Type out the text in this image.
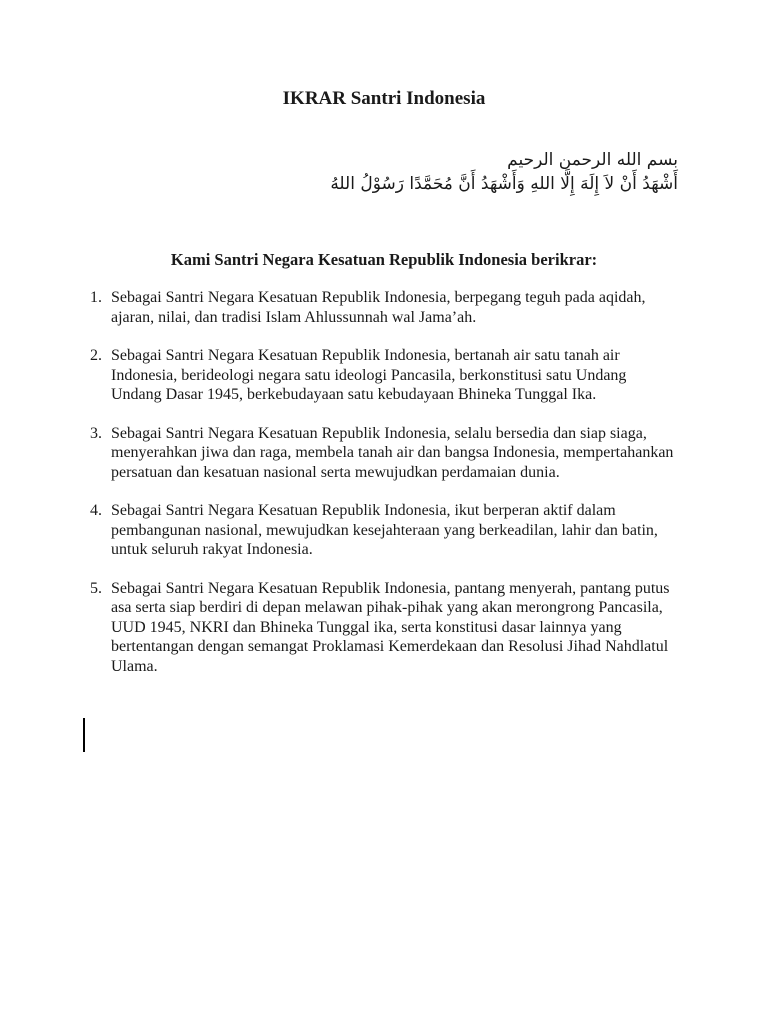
IKRAR Santri Indonesia
بسم الله الرحمن الرحيم
أَشْهَدُ أَنْ لاَ إِلَهَ إِلَّا اللهِ وَأَشْهَدُ أَنَّ مُحَمَّدًا رَسُوْلُ اللهُ
Kami Santri Negara Kesatuan Republik Indonesia berikrar:
1. Sebagai Santri Negara Kesatuan Republik Indonesia, berpegang teguh pada aqidah, ajaran, nilai, dan tradisi Islam Ahlussunnah wal Jama’ah.
2. Sebagai Santri Negara Kesatuan Republik Indonesia, bertanah air satu tanah air Indonesia, berideologi negara satu ideologi Pancasila, berkonstitusi satu Undang Undang Dasar 1945, berkebudayaan satu kebudayaan Bhineka Tunggal Ika.
3. Sebagai Santri Negara Kesatuan Republik Indonesia, selalu bersedia dan siap siaga, menyerahkan jiwa dan raga, membela tanah air dan bangsa Indonesia, mempertahankan persatuan dan kesatuan nasional serta mewujudkan perdamaian dunia.
4. Sebagai Santri Negara Kesatuan Republik Indonesia, ikut berperan aktif dalam pembangunan nasional, mewujudkan kesejahteraan yang berkeadilan, lahir dan batin, untuk seluruh rakyat Indonesia.
5. Sebagai Santri Negara Kesatuan Republik Indonesia, pantang menyerah, pantang putus asa serta siap berdiri di depan melawan pihak-pihak yang akan merongrong Pancasila, UUD 1945, NKRI dan Bhineka Tunggal ika, serta konstitusi dasar lainnya yang bertentangan dengan semangat Proklamasi Kemerdekaan dan Resolusi Jihad Nahdlatul Ulama.
